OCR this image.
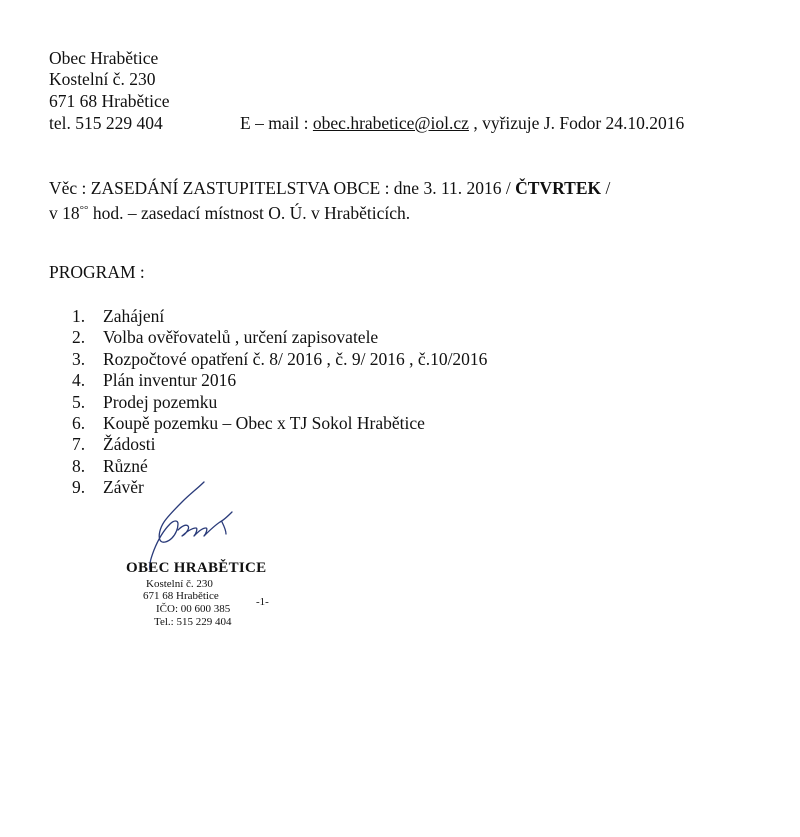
Obec Hrabětice
Kostelní č. 230
671 68 Hrabětice
tel. 515 229 404	E – mail : obec.hrabetice@iol.cz , vyřizuje J. Fodor 24.10.2016
Věc : ZASEDÁNÍ ZASTUPITELSTVA OBCE : dne 3. 11. 2016 / ČTVRTEK /
v 18°° hod. – zasedací místnost O. Ú. v Hraběticích.
PROGRAM :
1. Zahájení
2. Volba ověřovatelů , určení zapisovatele
3. Rozpočtové opatření č. 8/ 2016 , č. 9/ 2016 , č.10/2016
4. Plán inventur 2016
5. Prodej pozemku
6. Koupě pozemku – Obec x TJ Sokol Hrabětice
7. Žádosti
8. Různé
9. Závěr
OBEC HRABĚTICE
Kostelní č. 230
671 68 Hrabětice
IČO: 00 600 385
Tel.: 515 229 404
-1-
